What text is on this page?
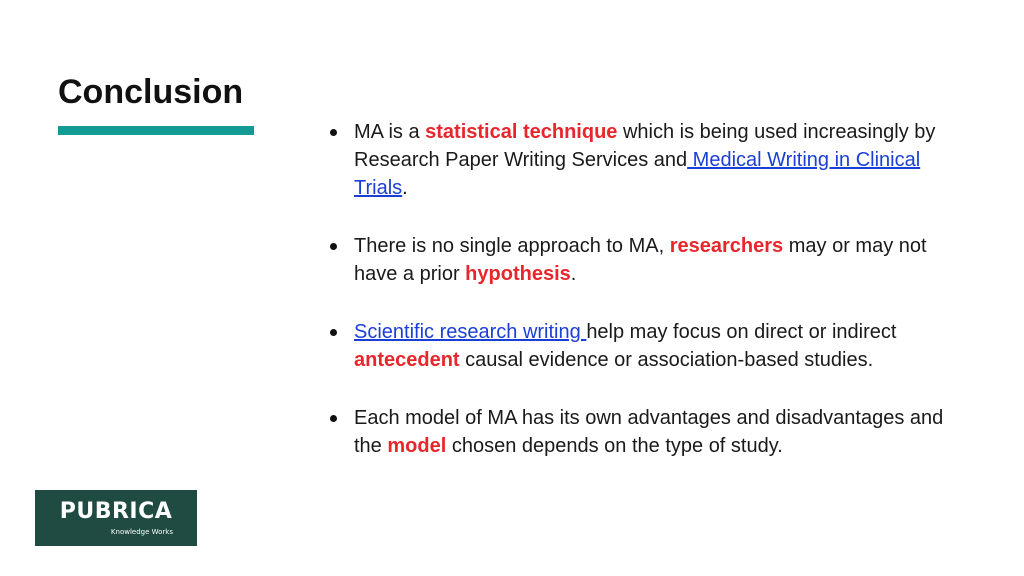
Conclusion
MA is a statistical technique which is being used increasingly by Research Paper Writing Services and Medical Writing in Clinical Trials.
There is no single approach to MA, researchers may or may not have a prior hypothesis.
Scientific research writing help may focus on direct or indirect antecedent causal evidence or association-based studies.
Each model of MA has its own advantages and disadvantages and the model chosen depends on the type of study.
PUBRICA
Knowledge Works
